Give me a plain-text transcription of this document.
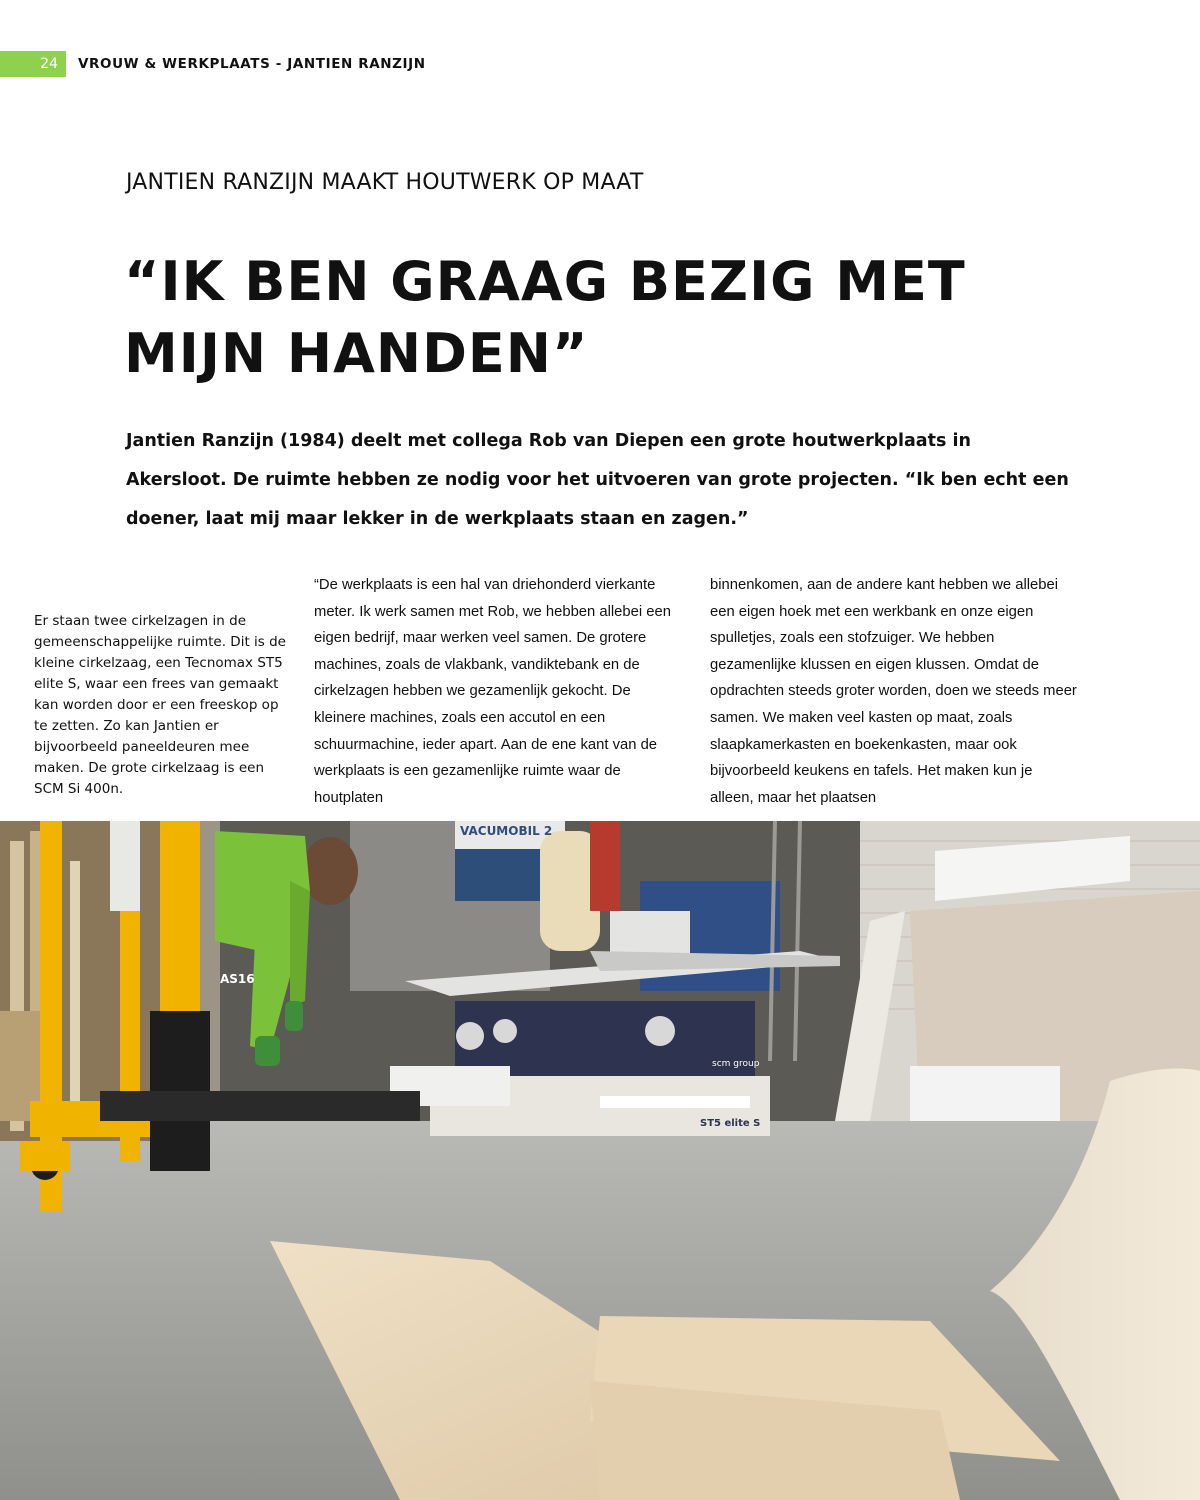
24 VROUW & WERKPLAATS - JANTIEN RANZIJN
JANTIEN RANZIJN MAAKT HOUTWERK OP MAAT
“IK BEN GRAAG BEZIG MET MIJN HANDEN”

Jantien Ranzijn (1984) deelt met collega Rob van Diepen een grote houtwerkplaats in Akersloot. De ruimte hebben ze nodig voor het uitvoeren van grote projecten. “Ik ben echt een doener, laat mij maar lekker in de werkplaats staan en zagen.”

Er staan twee cirkelzagen in de gemeenschappelijke ruimte. Dit is de kleine cirkelzaag, een Tecnomax ST5 elite S, waar een frees van gemaakt kan worden door er een freeskop op te zetten. Zo kan Jantien er bijvoorbeeld paneeldeuren mee maken. De grote cirkelzaag is een SCM Si 400n.

“De werkplaats is een hal van driehonderd vierkante meter. Ik werk samen met Rob, we hebben allebei een eigen bedrijf, maar werken veel samen. De grotere machines, zoals de vlakbank, vandiktebank en de cirkelzagen hebben we gezamenlijk gekocht. De kleinere machines, zoals een accutol en een schuurmachine, ieder apart. Aan de ene kant van de werkplaats is een gezamenlijke ruimte waar de houtplaten

binnenkomen, aan de andere kant hebben we allebei een eigen hoek met een werkbank en onze eigen spulletjes, zoals een stofzuiger. We hebben gezamenlijke klussen en eigen klussen. Omdat de opdrachten steeds groter worden, doen we steeds meer samen. We maken veel kasten op maat, zoals slaapkamerkasten en boekenkasten, maar ook bijvoorbeeld keukens en tafels. Het maken kun je alleen, maar het plaatsen

AS16
VACUMOBIL 2
scm group
ST5 elite S
